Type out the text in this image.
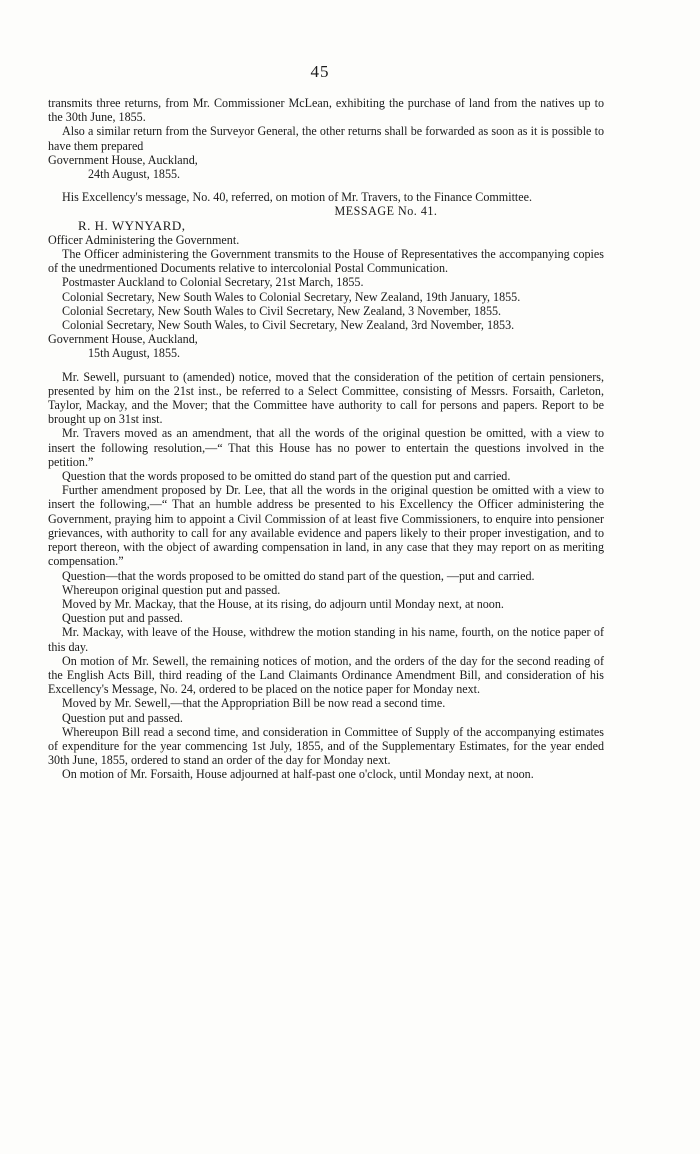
45

transmits three returns, from Mr. Commissioner McLean, exhibiting the purchase of land from the natives up to the 30th June, 1855.

Also a similar return from the Surveyor General, the other returns shall be forwarded as soon as it is possible to have them prepared

Government House, Auckland,

24th August, 1855.

His Excellency's message, No. 40, referred, on motion of Mr. Travers, to the Finance Committee.

MESSAGE No. 41.

R. H. WYNYARD,

Officer Administering the Government.

The Officer administering the Government transmits to the House of Representatives the accompanying copies of the unedrmentioned Documents relative to intercolonial Postal Communication.

Postmaster Auckland to Colonial Secretary, 21st March, 1855.

Colonial Secretary, New South Wales to Colonial Secretary, New Zealand, 19th January, 1855.

Colonial Secretary, New South Wales to Civil Secretary, New Zealand, 3 November, 1855.

Colonial Secretary, New South Wales, to Civil Secretary, New Zealand, 3rd November, 1853.

Government House, Auckland,

15th August, 1855.

Mr. Sewell, pursuant to (amended) notice, moved that the consideration of the petition of certain pensioners, presented by him on the 21st inst., be referred to a Select Committee, consisting of Messrs. Forsaith, Carleton, Taylor, Mackay, and the Mover; that the Committee have authority to call for persons and papers. Report to be brought up on 31st inst.

Mr. Travers moved as an amendment, that all the words of the original question be omitted, with a view to insert the following resolution,—“ That this House has no power to entertain the questions involved in the petition.”

Question that the words proposed to be omitted do stand part of the question put and carried.

Further amendment proposed by Dr. Lee, that all the words in the original question be omitted with a view to insert the following,—“ That an humble address be presented to his Excellency the Officer administering the Government, praying him to appoint a Civil Commission of at least five Commissioners, to enquire into pensioner grievances, with authority to call for any available evidence and papers likely to their proper investigation, and to report thereon, with the object of awarding compensation in land, in any case that they may report on as meriting compensation.”

Question—that the words proposed to be omitted do stand part of the question, —put and carried.

Whereupon original question put and passed.

Moved by Mr. Mackay, that the House, at its rising, do adjourn until Monday next, at noon.

Question put and passed.

Mr. Mackay, with leave of the House, withdrew the motion standing in his name, fourth, on the notice paper of this day.

On motion of Mr. Sewell, the remaining notices of motion, and the orders of the day for the second reading of the English Acts Bill, third reading of the Land Claimants Ordinance Amendment Bill, and consideration of his Excellency's Message, No. 24, ordered to be placed on the notice paper for Monday next.

Moved by Mr. Sewell,—that the Appropriation Bill be now read a second time.

Question put and passed.

Whereupon Bill read a second time, and consideration in Committee of Supply of the accompanying estimates of expenditure for the year commencing 1st July, 1855, and of the Supplementary Estimates, for the year ended 30th June, 1855, ordered to stand an order of the day for Monday next.

On motion of Mr. Forsaith, House adjourned at half-past one o'clock, until Monday next, at noon.
